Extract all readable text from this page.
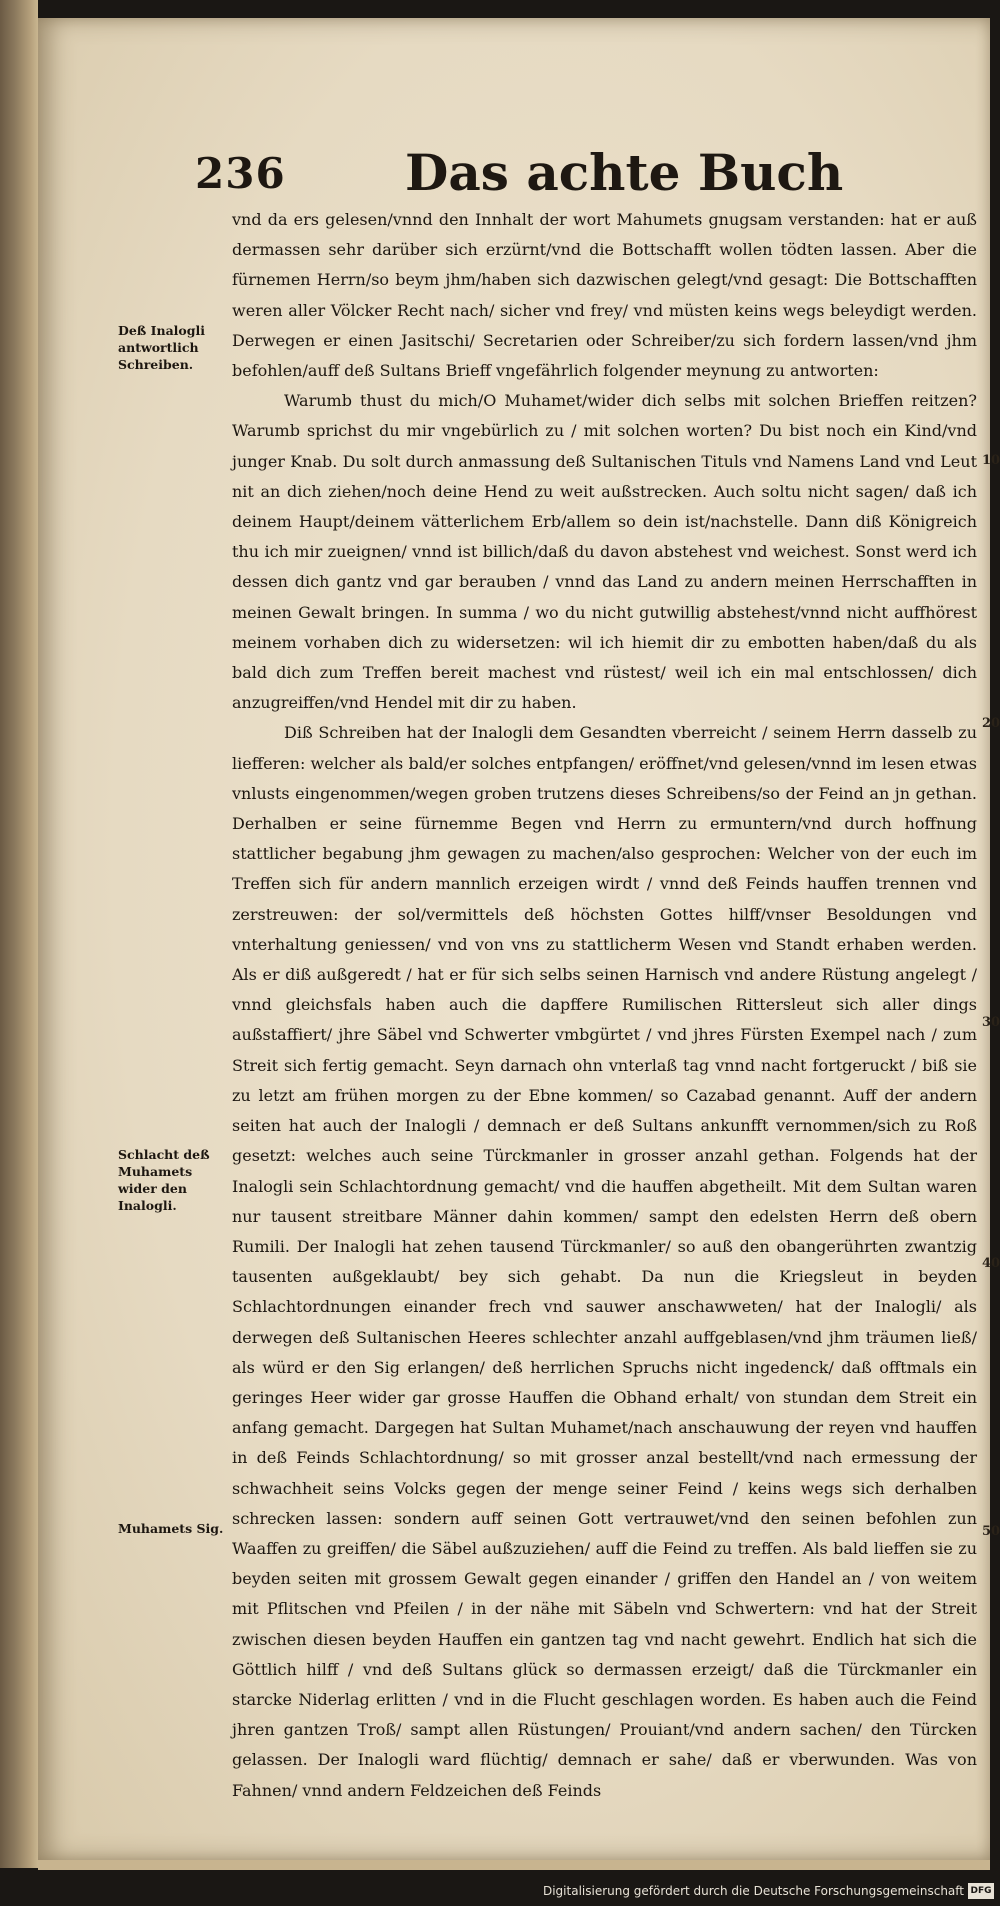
236 Das achte Buch
Deß Inalogli antwortlich Schreiben.
Schlacht deß Muhamets wider den Inalogli.
Muhamets Sig.
10
20
30
40
50

vnd da ers gelesen/vnnd den Innhalt der wort Mahumets gnugsam verstanden: hat er auß dermassen sehr darüber sich erzürnt/vnd die Bottschafft wollen tödten lassen. Aber die fürnemen Herrn/so beym jhm/haben sich dazwischen gelegt/vnd gesagt: Die Bottschafften weren aller Völcker Recht nach/ sicher vnd frey/ vnd müsten keins wegs beleydigt werden. Derwegen er einen Jasitschi/ Secretarien oder Schreiber/zu sich fordern lassen/vnd jhm befohlen/auff deß Sultans Brieff vngefährlich folgender meynung zu antworten:

Warumb thust du mich/O Muhamet/wider dich selbs mit solchen Brieffen reitzen? Warumb sprichst du mir vngebürlich zu / mit solchen worten? Du bist noch ein Kind/vnd junger Knab. Du solt durch anmassung deß Sultanischen Tituls vnd Namens Land vnd Leut nit an dich ziehen/noch deine Hend zu weit außstrecken. Auch soltu nicht sagen/ daß ich deinem Haupt/deinem vätterlichem Erb/allem so dein ist/nachstelle. Dann diß Königreich thu ich mir zueignen/ vnnd ist billich/daß du davon abstehest vnd weichest. Sonst werd ich dessen dich gantz vnd gar berauben / vnnd das Land zu andern meinen Herrschafften in meinen Gewalt bringen. In summa / wo du nicht gutwillig abstehest/vnnd nicht auffhörest meinem vorhaben dich zu widersetzen: wil ich hiemit dir zu embotten haben/daß du als bald dich zum Treffen bereit machest vnd rüstest/ weil ich ein mal entschlossen/ dich anzugreiffen/vnd Hendel mit dir zu haben.

Diß Schreiben hat der Inalogli dem Gesandten vberreicht / seinem Herrn dasselb zu liefferen: welcher als bald/er solches entpfangen/ eröffnet/vnd gelesen/vnnd im lesen etwas vnlusts eingenommen/wegen groben trutzens dieses Schreibens/so der Feind an jn gethan. Derhalben er seine fürnemme Begen vnd Herrn zu ermuntern/vnd durch hoffnung stattlicher begabung jhm gewagen zu machen/also gesprochen: Welcher von der euch im Treffen sich für andern mannlich erzeigen wirdt / vnnd deß Feinds hauffen trennen vnd zerstreuwen: der sol/vermittels deß höchsten Gottes hilff/vnser Besoldungen vnd vnterhaltung geniessen/ vnd von vns zu stattlicherm Wesen vnd Standt erhaben werden. Als er diß außgeredt / hat er für sich selbs seinen Harnisch vnd andere Rüstung angelegt / vnnd gleichsfals haben auch die dapffere Rumilischen Rittersleut sich aller dings außstaffiert/ jhre Säbel vnd Schwerter vmbgürtet / vnd jhres Fürsten Exempel nach / zum Streit sich fertig gemacht. Seyn darnach ohn vnterlaß tag vnnd nacht fortgeruckt / biß sie zu letzt am frühen morgen zu der Ebne kommen/ so Cazabad genannt. Auff der andern seiten hat auch der Inalogli / demnach er deß Sultans ankunfft vernommen/sich zu Roß gesetzt: welches auch seine Türckmanler in grosser anzahl gethan. Folgends hat der Inalogli sein Schlachtordnung gemacht/ vnd die hauffen abgetheilt. Mit dem Sultan waren nur tausent streitbare Männer dahin kommen/ sampt den edelsten Herrn deß obern Rumili. Der Inalogli hat zehen tausend Türckmanler/ so auß den obangerührten zwantzig tausenten außgeklaubt/ bey sich gehabt. Da nun die Kriegsleut in beyden Schlachtordnungen einander frech vnd sauwer anschawweten/ hat der Inalogli/ als derwegen deß Sultanischen Heeres schlechter anzahl auffgeblasen/vnd jhm träumen ließ/ als würd er den Sig erlangen/ deß herrlichen Spruchs nicht ingedenck/ daß offtmals ein geringes Heer wider gar grosse Hauffen die Obhand erhalt/ von stundan dem Streit ein anfang gemacht. Dargegen hat Sultan Muhamet/nach anschauwung der reyen vnd hauffen in deß Feinds Schlachtordnung/ so mit grosser anzal bestellt/vnd nach ermessung der schwachheit seins Volcks gegen der menge seiner Feind / keins wegs sich derhalben schrecken lassen: sondern auff seinen Gott vertrauwet/vnd den seinen befohlen zun Waaffen zu greiffen/ die Säbel außzuziehen/ auff die Feind zu treffen. Als bald lieffen sie zu beyden seiten mit grossem Gewalt gegen einander / griffen den Handel an / von weitem mit Pflitschen vnd Pfeilen / in der nähe mit Säbeln vnd Schwertern: vnd hat der Streit zwischen diesen beyden Hauffen ein gantzen tag vnd nacht gewehrt. Endlich hat sich die Göttlich hilff / vnd deß Sultans glück so dermassen erzeigt/ daß die Türckmanler ein starcke Niderlag erlitten / vnd in die Flucht geschlagen worden. Es haben auch die Feind jhren gantzen Troß/ sampt allen Rüstungen/ Prouiant/vnd andern sachen/ den Türcken gelassen. Der Inalogli ward flüchtig/ demnach er sahe/ daß er vberwunden. Was von Fahnen/ vnnd andern Feldzeichen deß Feinds

Digitalisierung gefördert durch die Deutsche Forschungsgemeinschaft DFG
